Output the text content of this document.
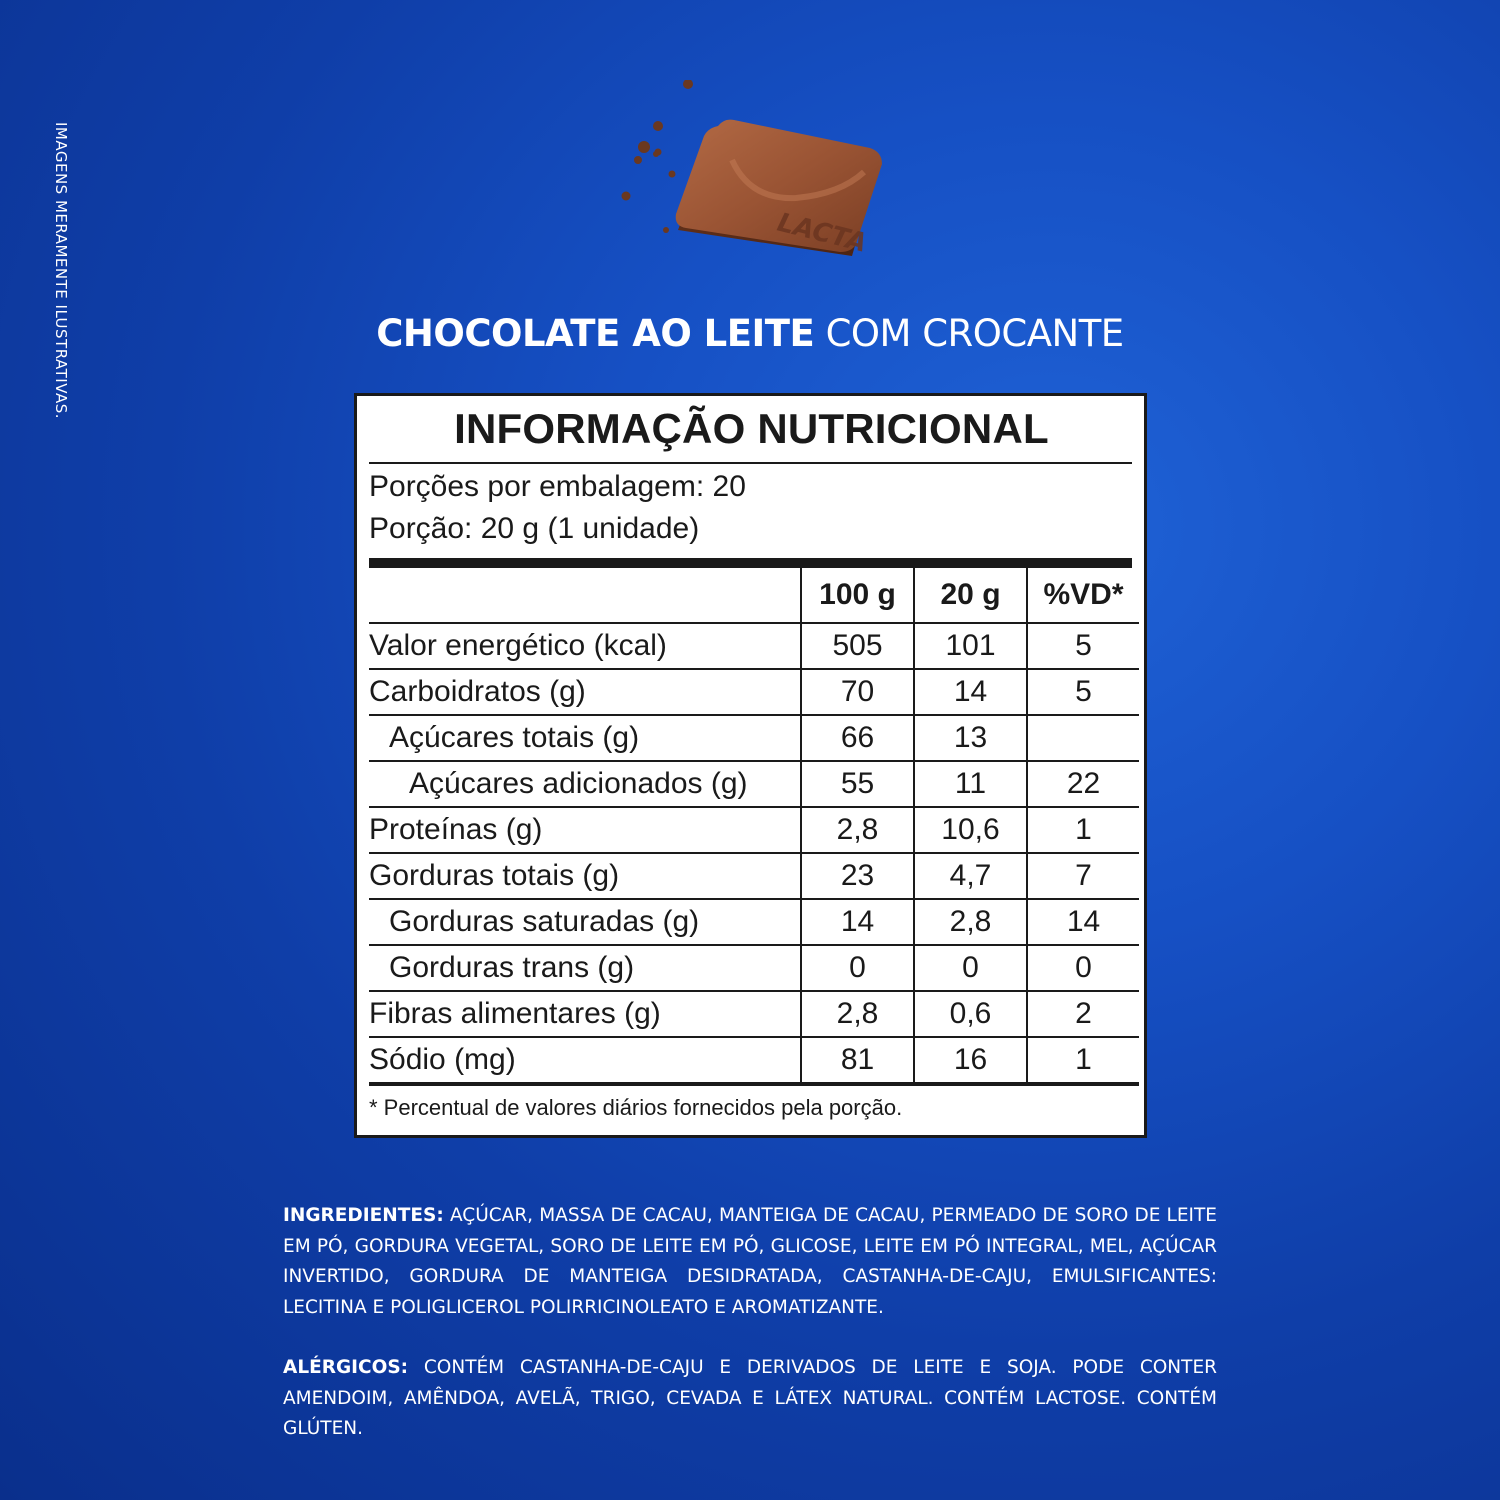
IMAGENS MERAMENTE ILUSTRATIVAS.	LACTA
CHOCOLATE AO LEITE COM CROCANTE
INFORMAÇÃO NUTRICIONAL
Porções por embalagem: 20
Porção: 20 g (1 unidade)
	100 g	20 g	%VD*
Valor energético (kcal)	505	101	5
Carboidratos (g)	70	14	5
Açúcares totais (g)	66	13	
Açúcares adicionados (g)	55	11	22
Proteínas (g)	2,8	10,6	1
Gorduras totais (g)	23	4,7	7
Gorduras saturadas (g)	14	2,8	14
Gorduras trans (g)	0	0	0
Fibras alimentares (g)	2,8	0,6	2
Sódio (mg)	81	16	1
* Percentual de valores diários fornecidos pela porção.
INGREDIENTES: AÇÚCAR, MASSA DE CACAU, MANTEIGA DE CACAU, PERMEADO DE SORO DE LEITE EM PÓ, GORDURA VEGETAL, SORO DE LEITE EM PÓ, GLICOSE, LEITE EM PÓ INTEGRAL, MEL, AÇÚCAR INVERTIDO, GORDURA DE MANTEIGA DESIDRATADA, CASTANHA-DE-CAJU, EMULSIFICANTES: LECITINA E POLIGLICEROL POLIRRICINOLEATO E AROMATIZANTE.
ALÉRGICOS: CONTÉM CASTANHA-DE-CAJU E DERIVADOS DE LEITE E SOJA. PODE CONTER AMENDOIM, AMÊNDOA, AVELÃ, TRIGO, CEVADA E LÁTEX NATURAL. CONTÉM LACTOSE. CONTÉM GLÚTEN.
